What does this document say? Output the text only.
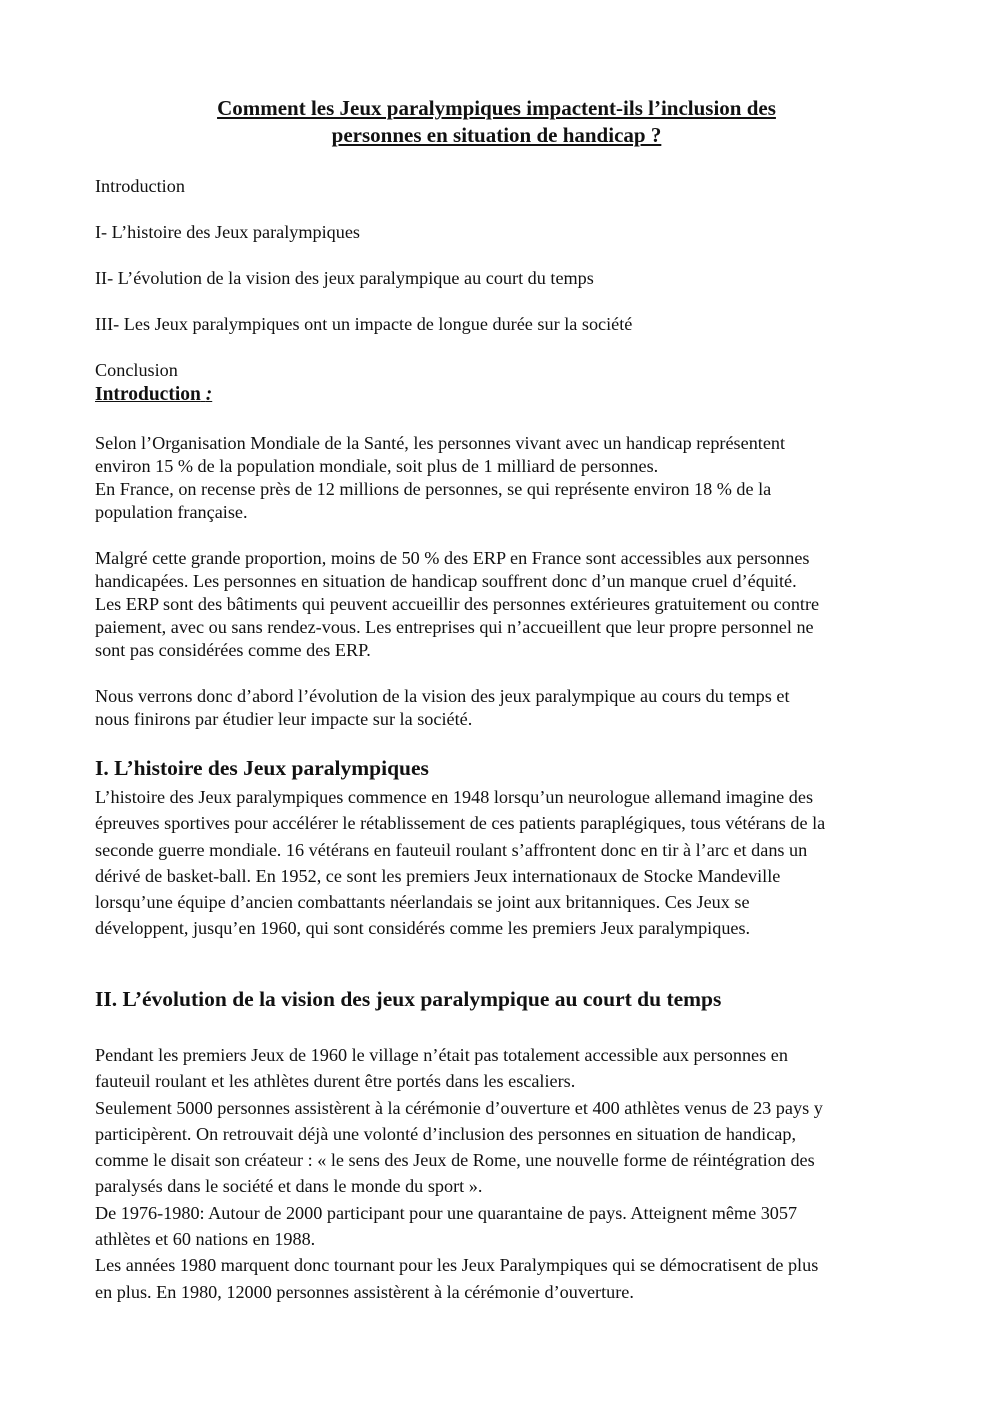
Comment les Jeux paralympiques impactent-ils l’inclusion des
personnes en situation de handicap ?
Introduction
I- L’histoire des Jeux paralympiques
II- L’évolution de la vision des jeux paralympique au court du temps
III- Les Jeux paralympiques ont un impacte de longue durée sur la société
Conclusion
Introduction :
Selon l’Organisation Mondiale de la Santé, les personnes vivant avec un handicap représentent
environ 15 % de la population mondiale, soit plus de 1 milliard de personnes.
En France, on recense près de 12 millions de personnes, se qui représente environ 18 % de la
population française.
Malgré cette grande proportion, moins de 50 % des ERP en France sont accessibles aux personnes
handicapées. Les personnes en situation de handicap souffrent donc d’un manque cruel d’équité.
Les ERP sont des bâtiments qui peuvent accueillir des personnes extérieures gratuitement ou contre
paiement, avec ou sans rendez-vous. Les entreprises qui n’accueillent que leur propre personnel ne
sont pas considérées comme des ERP.
Nous verrons donc d’abord l’évolution de la vision des jeux paralympique au cours du temps et
nous finirons par étudier leur impacte sur la société.
I. L’histoire des Jeux paralympiques
L’histoire des Jeux paralympiques commence en 1948 lorsqu’un neurologue allemand imagine des
épreuves sportives pour accélérer le rétablissement de ces patients paraplégiques, tous vétérans de la
seconde guerre mondiale. 16 vétérans en fauteuil roulant s’affrontent donc en tir à l’arc et dans un
dérivé de basket-ball. En 1952, ce sont les premiers Jeux internationaux de Stocke Mandeville
lorsqu’une équipe d’ancien combattants néerlandais se joint aux britanniques. Ces Jeux se
développent, jusqu’en 1960, qui sont considérés comme les premiers Jeux paralympiques.
II. L’évolution de la vision des jeux paralympique au court du temps
Pendant les premiers Jeux de 1960 le village n’était pas totalement accessible aux personnes en
fauteuil roulant et les athlètes durent être portés dans les escaliers.
Seulement 5000 personnes assistèrent à la cérémonie d’ouverture et 400 athlètes venus de 23 pays y
participèrent. On retrouvait déjà une volonté d’inclusion des personnes en situation de handicap,
comme le disait son créateur : « le sens des Jeux de Rome, une nouvelle forme de réintégration des
paralysés dans le société et dans le monde du sport ».
De 1976-1980: Autour de 2000 participant pour une quarantaine de pays. Atteignent même 3057
athlètes et 60 nations en 1988.
Les années 1980 marquent donc tournant pour les Jeux Paralympiques qui se démocratisent de plus
en plus. En 1980, 12000 personnes assistèrent à la cérémonie d’ouverture.
